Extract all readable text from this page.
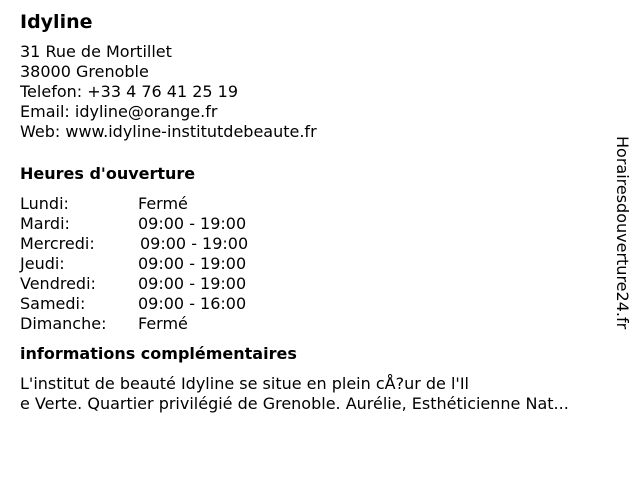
Idyline
31 Rue de Mortillet
38000 Grenoble
Telefon: +33 4 76 41 25 19
Email: idyline@orange.fr
Web: www.idyline-institutdebeaute.fr
Heures d'ouverture
Lundi:	Fermé
Mardi:	09:00 - 19:00
Mercredi:	09:00 - 19:00
Jeudi:	09:00 - 19:00
Vendredi:	09:00 - 19:00
Samedi:	09:00 - 16:00
Dimanche: Fermé
informations complémentaires
L'institut de beauté Idyline se situe en plein cÅ?ur de l'Il
e Verte. Quartier privilégié de Grenoble. Aurélie, Esthéticienne Nat...
Horairesdouverture24.fr
